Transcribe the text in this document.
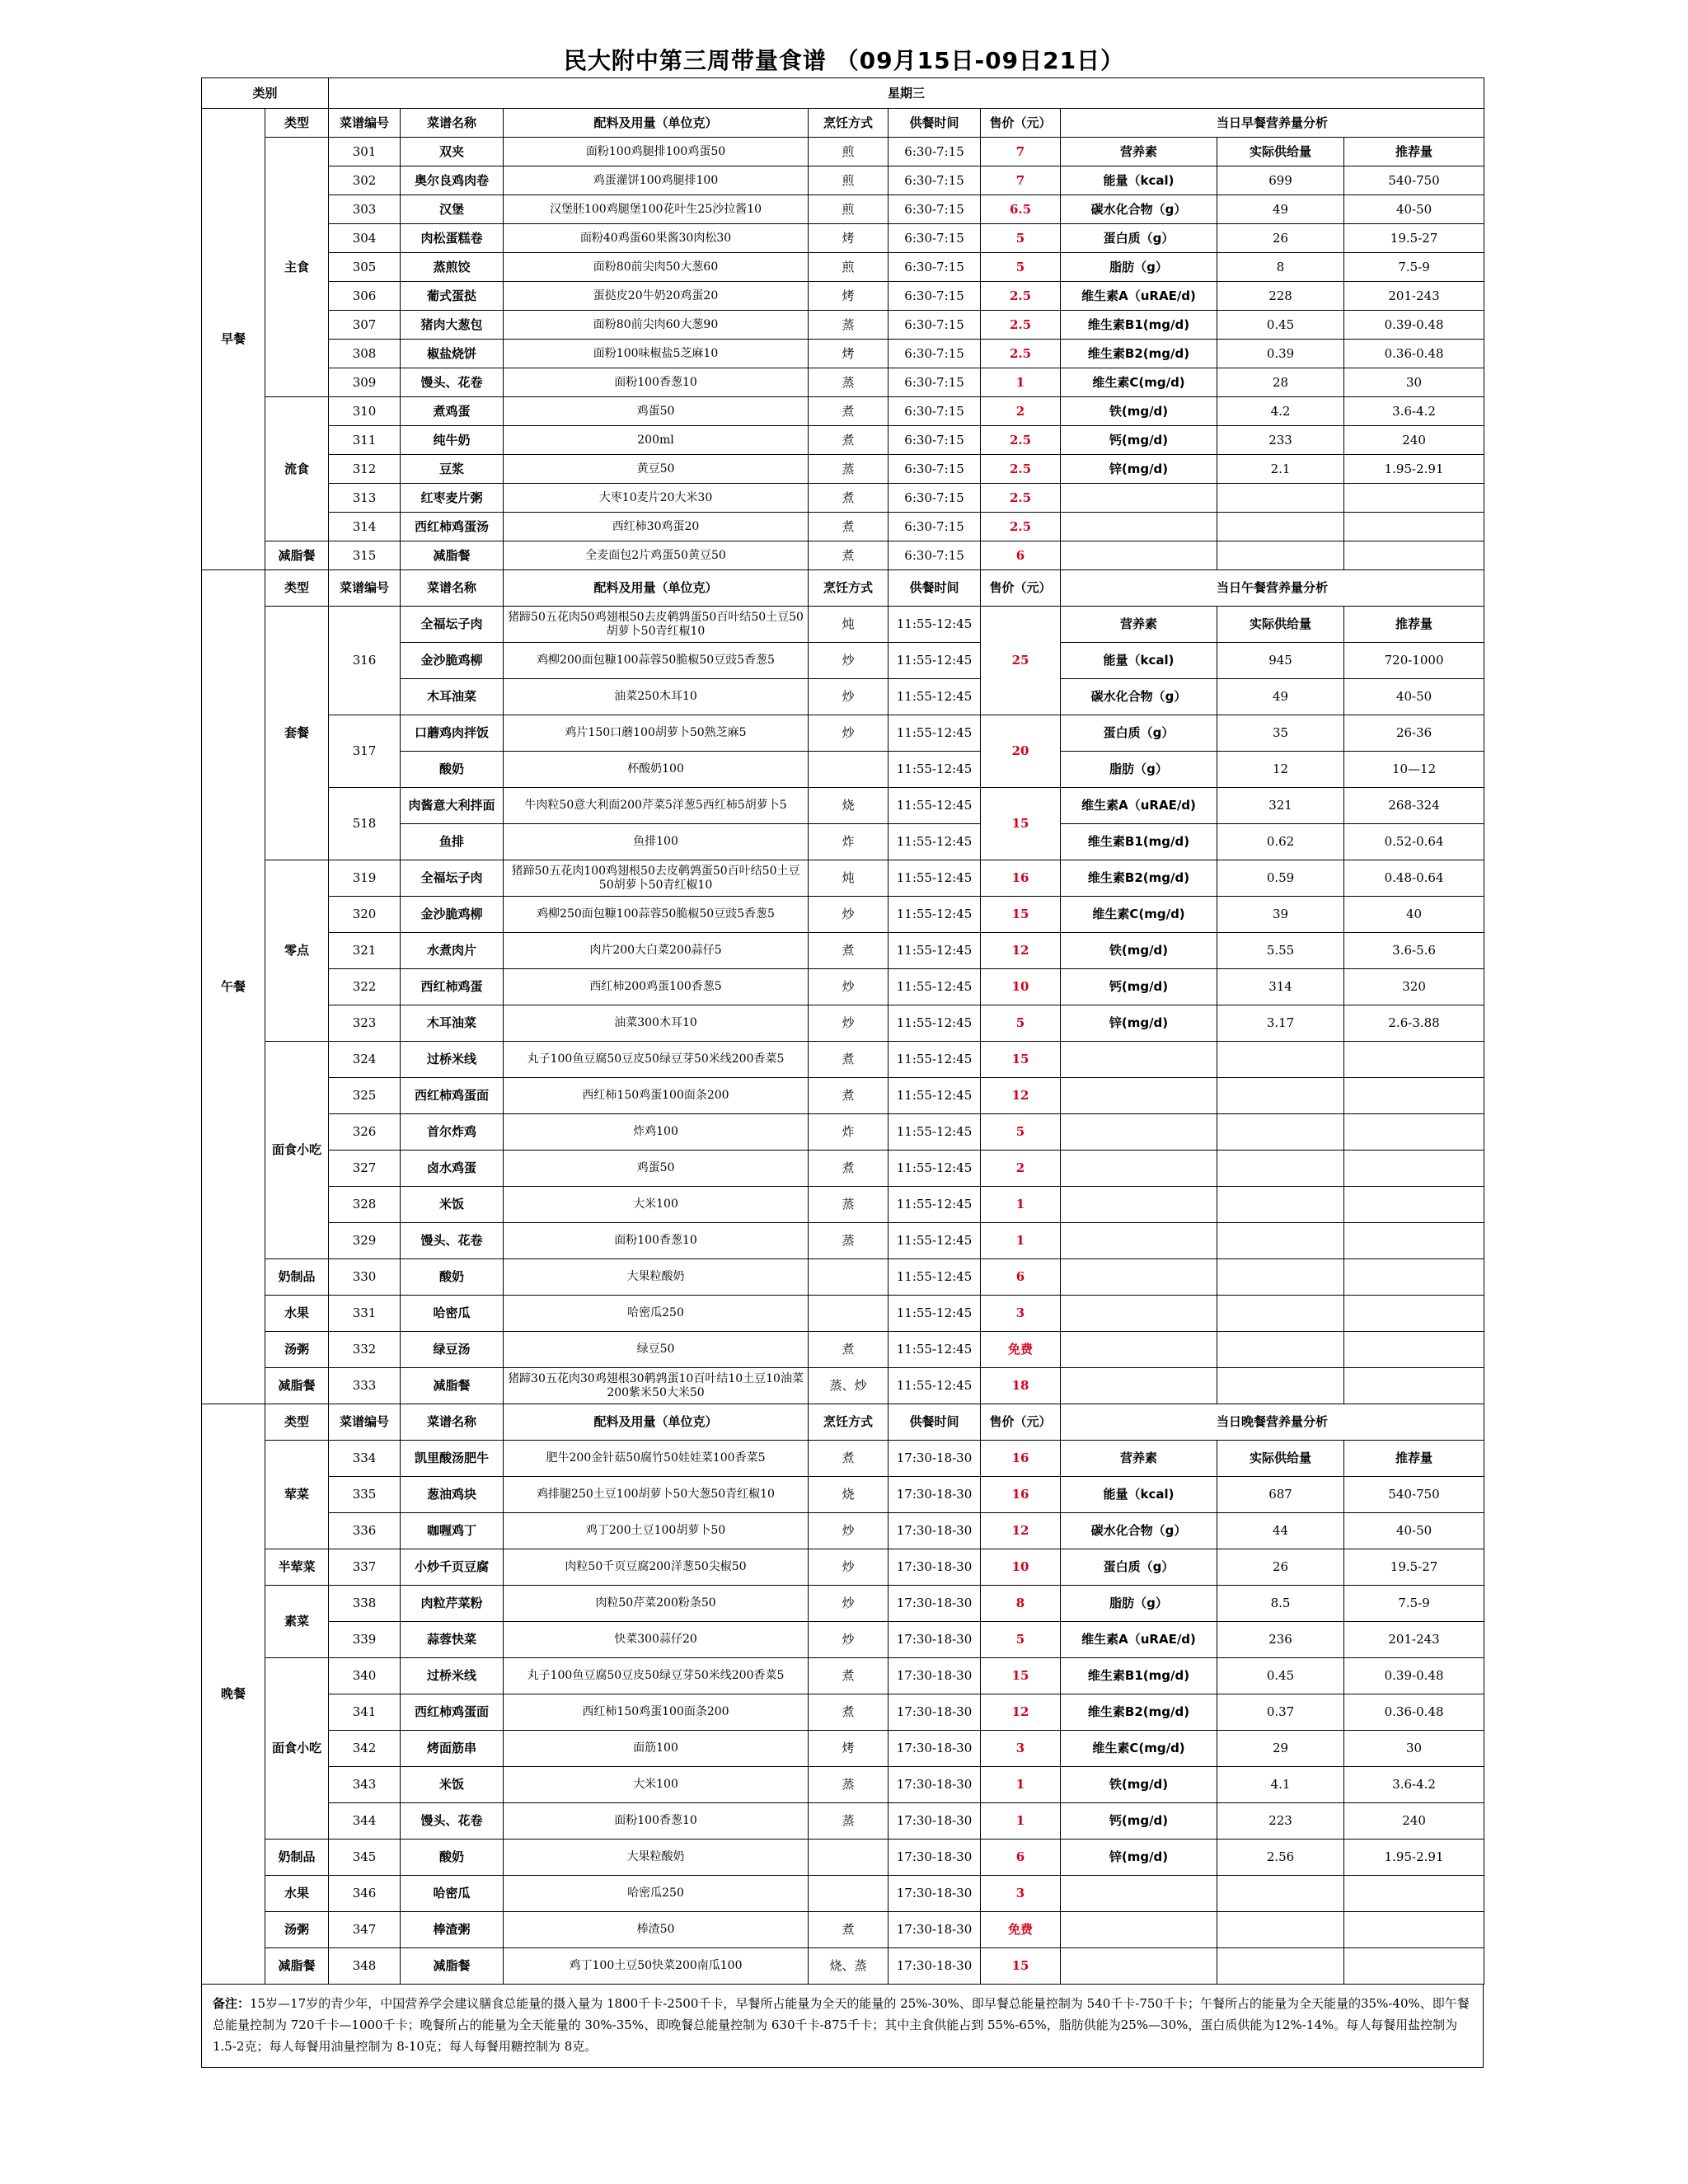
民大附中第三周带量食谱 （09月15日-09日21日）
类别		星期三								
早餐	类型	菜谱编号	菜谱名称	配料及用量（单位克）	烹饪方式	供餐时间	售价（元）	当日早餐营养量分析		
	主食	301	双夹	面粉100鸡腿排100鸡蛋50	煎	6:30-7:15	7	营养素	实际供给量	推荐量
		302	奥尔良鸡肉卷	鸡蛋灌饼100鸡腿排100	煎	6:30-7:15	7	能量（kcal)	699	540-750
		303	汉堡	汉堡胚100鸡腿堡100花叶生25沙拉酱10	煎	6:30-7:15	6.5	碳水化合物（g）	49	40-50
		304	肉松蛋糕卷	面粉40鸡蛋60果酱30肉松30	烤	6:30-7:15	5	蛋白质（g）	26	19.5-27
		305	蒸煎饺	面粉80前尖肉50大葱60	煎	6:30-7:15	5	脂肪（g）	8	7.5-9
		306	葡式蛋挞	蛋挞皮20牛奶20鸡蛋20	烤	6:30-7:15	2.5	维生素A（uRAE/d)	228	201-243
		307	猪肉大葱包	面粉80前尖肉60大葱90	蒸	6:30-7:15	2.5	维生素B1(mg/d)	0.45	0.39-0.48
		308	椒盐烧饼	面粉100味椒盐5芝麻10	烤	6:30-7:15	2.5	维生素B2(mg/d)	0.39	0.36-0.48
		309	馒头、花卷	面粉100香葱10	蒸	6:30-7:15	1	维生素C(mg/d)	28	30
	流食	310	煮鸡蛋	鸡蛋50	煮	6:30-7:15	2	铁(mg/d)	4.2	3.6-4.2
		311	纯牛奶	200ml	煮	6:30-7:15	2.5	钙(mg/d)	233	240
		312	豆浆	黄豆50	蒸	6:30-7:15	2.5	锌(mg/d)	2.1	1.95-2.91
		313	红枣麦片粥	大枣10麦片20大米30	煮	6:30-7:15	2.5			
		314	西红柿鸡蛋汤	西红柿30鸡蛋20	煮	6:30-7:15	2.5			
	减脂餐	315	减脂餐	全麦面包2片鸡蛋50黄豆50	煮	6:30-7:15	6			
午餐	类型	菜谱编号	菜谱名称	配料及用量（单位克）	烹饪方式	供餐时间	售价（元）	当日午餐营养量分析		
	套餐	316	全福坛子肉	猪蹄50五花肉50鸡翅根50去皮鹌鹑蛋50百叶结50土豆50胡萝卜50青红椒10	炖	11:55-12:45	25	营养素	实际供给量	推荐量
			金沙脆鸡柳	鸡柳200面包糠100蒜蓉50脆椒50豆豉5香葱5	炒	11:55-12:45		能量（kcal)	945	720-1000
			木耳油菜	油菜250木耳10	炒	11:55-12:45		碳水化合物（g）	49	40-50
		317	口蘑鸡肉拌饭	鸡片150口蘑100胡萝卜50熟芝麻5	炒	11:55-12:45	20	蛋白质（g）	35	26-36
			酸奶	杯酸奶100		11:55-12:45		脂肪（g）	12	10—12
		518	肉酱意大利拌面	牛肉粒50意大利面200芹菜5洋葱5西红柿5胡萝卜5	烧	11:55-12:45	15	维生素A（uRAE/d)	321	268-324
			鱼排	鱼排100	炸	11:55-12:45		维生素B1(mg/d)	0.62	0.52-0.64
	零点	319	全福坛子肉	猪蹄50五花肉100鸡翅根50去皮鹌鹑蛋50百叶结50土豆50胡萝卜50青红椒10	炖	11:55-12:45	16	维生素B2(mg/d)	0.59	0.48-0.64
		320	金沙脆鸡柳	鸡柳250面包糠100蒜蓉50脆椒50豆豉5香葱5	炒	11:55-12:45	15	维生素C(mg/d)	39	40
		321	水煮肉片	肉片200大白菜200蒜仔5	煮	11:55-12:45	12	铁(mg/d)	5.55	3.6-5.6
		322	西红柿鸡蛋	西红柿200鸡蛋100香葱5	炒	11:55-12:45	10	钙(mg/d)	314	320
		323	木耳油菜	油菜300木耳10	炒	11:55-12:45	5	锌(mg/d)	3.17	2.6-3.88
	面食小吃	324	过桥米线	丸子100鱼豆腐50豆皮50绿豆芽50米线200香菜5	煮	11:55-12:45	15			
		325	西红柿鸡蛋面	西红柿150鸡蛋100面条200	煮	11:55-12:45	12			
		326	首尔炸鸡	炸鸡100	炸	11:55-12:45	5			
		327	卤水鸡蛋	鸡蛋50	煮	11:55-12:45	2			
		328	米饭	大米100	蒸	11:55-12:45	1			
		329	馒头、花卷	面粉100香葱10	蒸	11:55-12:45	1			
	奶制品	330	酸奶	大果粒酸奶		11:55-12:45	6			
	水果	331	哈密瓜	哈密瓜250		11:55-12:45	3			
	汤粥	332	绿豆汤	绿豆50	煮	11:55-12:45	免费			
	减脂餐	333	减脂餐	猪蹄30五花肉30鸡翅根30鹌鹑蛋10百叶结10土豆10油菜200紫米50大米50	蒸、炒	11:55-12:45	18			
晚餐	类型	菜谱编号	菜谱名称	配料及用量（单位克）	烹饪方式	供餐时间	售价（元）	当日晚餐营养量分析		
	荤菜	334	凯里酸汤肥牛	肥牛200金针菇50腐竹50娃娃菜100香菜5	煮	17:30-18-30	16	营养素	实际供给量	推荐量
		335	葱油鸡块	鸡排腿250土豆100胡萝卜50大葱50青红椒10	烧	17:30-18-30	16	能量（kcal)	687	540-750
		336	咖喱鸡丁	鸡丁200土豆100胡萝卜50	炒	17:30-18-30	12	碳水化合物（g）	44	40-50
	半荤菜	337	小炒千页豆腐	肉粒50千页豆腐200洋葱50尖椒50	炒	17:30-18-30	10	蛋白质（g）	26	19.5-27
	素菜	338	肉粒芹菜粉	肉粒50芹菜200粉条50	炒	17:30-18-30	8	脂肪（g）	8.5	7.5-9
		339	蒜蓉快菜	快菜300蒜仔20	炒	17:30-18-30	5	维生素A（uRAE/d)	236	201-243
	面食小吃	340	过桥米线	丸子100鱼豆腐50豆皮50绿豆芽50米线200香菜5	煮	17:30-18-30	15	维生素B1(mg/d)	0.45	0.39-0.48
		341	西红柿鸡蛋面	西红柿150鸡蛋100面条200	煮	17:30-18-30	12	维生素B2(mg/d)	0.37	0.36-0.48
		342	烤面筋串	面筋100	烤	17:30-18-30	3	维生素C(mg/d)	29	30
		343	米饭	大米100	蒸	17:30-18-30	1	铁(mg/d)	4.1	3.6-4.2
		344	馒头、花卷	面粉100香葱10	蒸	17:30-18-30	1	钙(mg/d)	223	240
	奶制品	345	酸奶	大果粒酸奶		17:30-18-30	6	锌(mg/d)	2.56	1.95-2.91
	水果	346	哈密瓜	哈密瓜250		17:30-18-30	3			
	汤粥	347	棒渣粥	棒渣50	煮	17:30-18-30	免费			
	减脂餐	348	减脂餐	鸡丁100土豆50快菜200南瓜100	烧、蒸	17:30-18-30	15			
备注：15岁—17岁的青少年，中国营养学会建议膳食总能量的摄入量为 1800千卡-2500千卡，早餐所占能量为全天的能量的 25%-30%、即早餐总能量控制为 540千卡-750千卡；午餐所占的能量为全天能量的35%-40%、即午餐总能量控制为 720千卡—1000千卡；晚餐所占的能量为全天能量的 30%-35%、即晚餐总能量控制为 630千卡-875千卡；其中主食供能占到 55%-65%，脂肪供能为25%—30%，蛋白质供能为12%-14%。每人每餐用盐控制为 1.5-2克；每人每餐用油量控制为 8-10克；每人每餐用糖控制为 8克。
